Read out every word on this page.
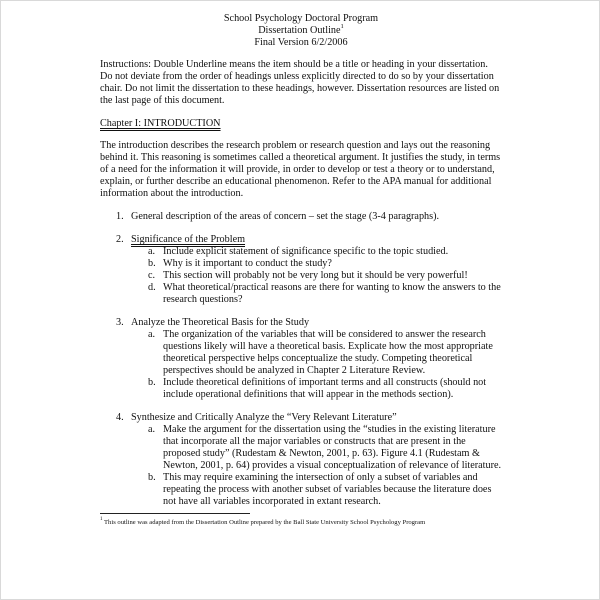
School Psychology Doctoral Program
Dissertation Outline$^1$
Final Version 6/2/2006

Instructions: Double Underline means the item should be a title or heading in your dissertation. Do not deviate from the order of headings unless explicitly directed to do so by your dissertation chair. Do not limit the dissertation to these headings, however. Dissertation resources are listed on the last page of this document.

Chapter I: INTRODUCTION

The introduction describes the research problem or research question and lays out the reasoning behind it. This reasoning is sometimes called a theoretical argument. It justifies the study, in terms of a need for the information it will provide, in order to develop or test a theory or to understand, explain, or further describe an educational phenomenon. Refer to the APA manual for additional information about the introduction.

1. General description of the areas of concern – set the stage (3-4 paragraphs).
2. Significance of the Problem
a. Include explicit statement of significance specific to the topic studied.
b. Why is it important to conduct the study?
c. This section will probably not be very long but it should be very powerful!
d. What theoretical/practical reasons are there for wanting to know the answers to the research questions?
3. Analyze the Theoretical Basis for the Study
a. The organization of the variables that will be considered to answer the research questions likely will have a theoretical basis. Explicate how the most appropriate theoretical perspective helps conceptualize the study. Competing theoretical perspectives should be analyzed in Chapter 2 Literature Review.
b. Include theoretical definitions of important terms and all constructs (should not include operational definitions that will appear in the methods section).
4. Synthesize and Critically Analyze the “Very Relevant Literature”
a. Make the argument for the dissertation using the “studies in the existing literature that incorporate all the major variables or constructs that are present in the proposed study” (Rudestam & Newton, 2001, p. 63). Figure 4.1 (Rudestam & Newton, 2001, p. 64) provides a visual conceptualization of relevance of literature.
b. This may require examining the intersection of only a subset of variables and repeating the process with another subset of variables because the literature does not have all variables incorporated in extant research.
$^1$ This outline was adapted from the Dissertation Outline prepared by the Ball State University School Psychology Program
